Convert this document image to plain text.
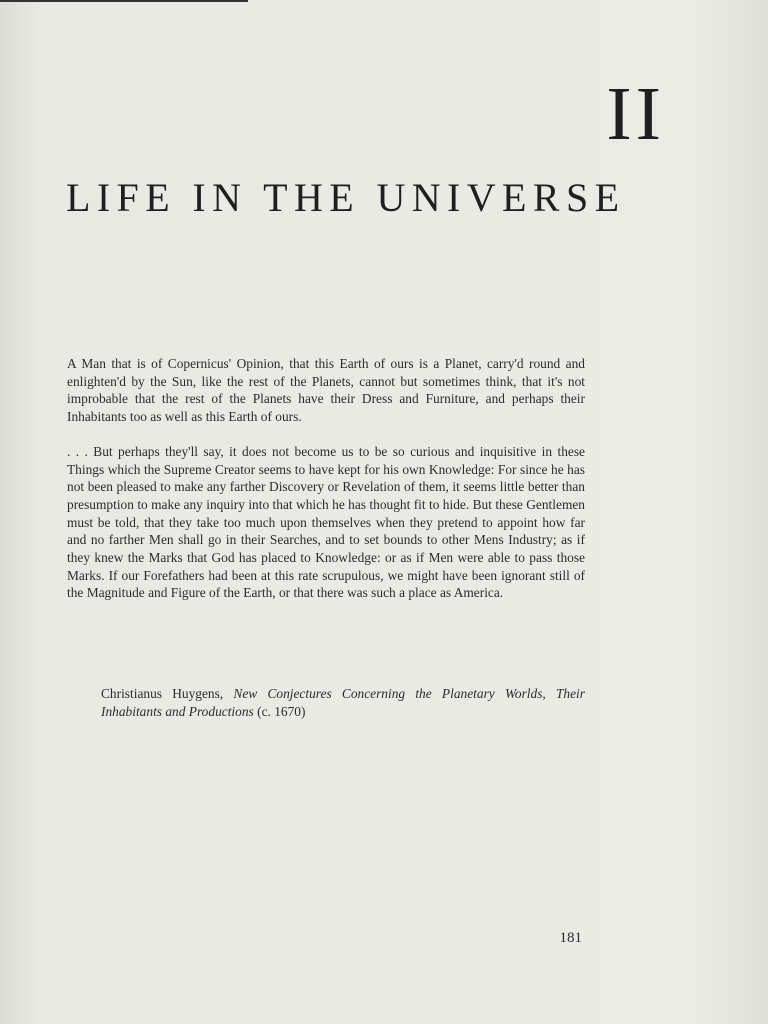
II
LIFE IN THE UNIVERSE

A Man that is of Copernicus' Opinion, that this Earth of ours is a Planet, carry'd round and enlighten'd by the Sun, like the rest of the Planets, cannot but sometimes think, that it's not improbable that the rest of the Planets have their Dress and Furniture, and perhaps their Inhabitants too as well as this Earth of ours.

. . . But perhaps they'll say, it does not become us to be so curious and inquisitive in these Things which the Supreme Creator seems to have kept for his own Knowledge: For since he has not been pleased to make any farther Discovery or Revelation of them, it seems little better than presumption to make any inquiry into that which he has thought fit to hide. But these Gentlemen must be told, that they take too much upon themselves when they pretend to appoint how far and no farther Men shall go in their Searches, and to set bounds to other Mens Industry; as if they knew the Marks that God has placed to Knowledge: or as if Men were able to pass those Marks. If our Forefathers had been at this rate scrupulous, we might have been ignorant still of the Magnitude and Figure of the Earth, or that there was such a place as America.

Christianus Huygens, New Conjectures Concerning the Planetary Worlds, Their Inhabitants and Productions (c. 1670)
181
